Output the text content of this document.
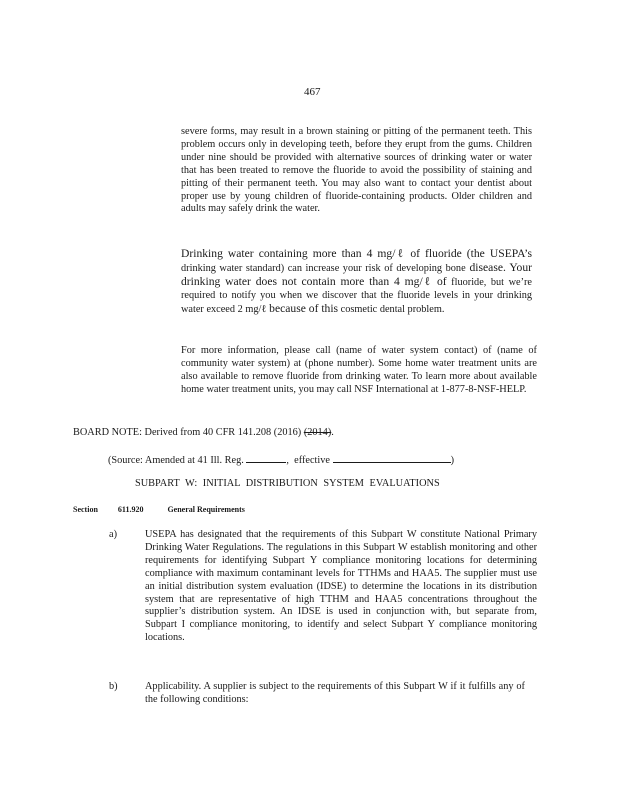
467
severe forms, may result in a brown staining or pitting of the permanent teeth. This problem occurs only in developing teeth, before they erupt from the gums. Children under nine should be provided with alternative sources of drinking water or water that has been treated to remove the fluoride to avoid the possibility of staining and pitting of their permanent teeth. You may also want to contact your dentist about proper use by young children of fluoride-containing products. Older children and adults may safely drink the water.
Drinking water containing more than 4 mg/ℓ of fluoride (the USEPA’s drinking water standard) can increase your risk of developing bone disease. Your drinking water does not contain more than 4 mg/ℓ of fluoride, but we’re required to notify you when we discover that the fluoride levels in your drinking water exceed 2 mg/ℓ because of this cosmetic dental problem.
For more information, please call (name of water system contact) of (name of community water system) at (phone number). Some home water treatment units are also available to remove fluoride from drinking water. To learn more about available home water treatment units, you may call NSF International at 1-877-8-NSF-HELP.
BOARD NOTE: Derived from 40 CFR 141.208 (2016) (2014).
(Source: Amended at 41 Ill. Reg.	, effective	)
SUBPART W: INITIAL DISTRIBUTION SYSTEM EVALUATIONS
Section	611.920	General Requirements
a)	USEPA has designated that the requirements of this Subpart W constitute National Primary Drinking Water Regulations. The regulations in this Subpart W establish monitoring and other requirements for identifying Subpart Y compliance monitoring locations for determining compliance with maximum contaminant levels for TTHMs and HAA5. The supplier must use an initial distribution system evaluation (IDSE) to determine the locations in its distribution system that are representative of high TTHM and HAA5 concentrations throughout the supplier’s distribution system. An IDSE is used in conjunction with, but separate from, Subpart I compliance monitoring, to identify and select Subpart Y compliance monitoring locations.
b)	Applicability. A supplier is subject to the requirements of this Subpart W if it fulfills any of the following conditions:
